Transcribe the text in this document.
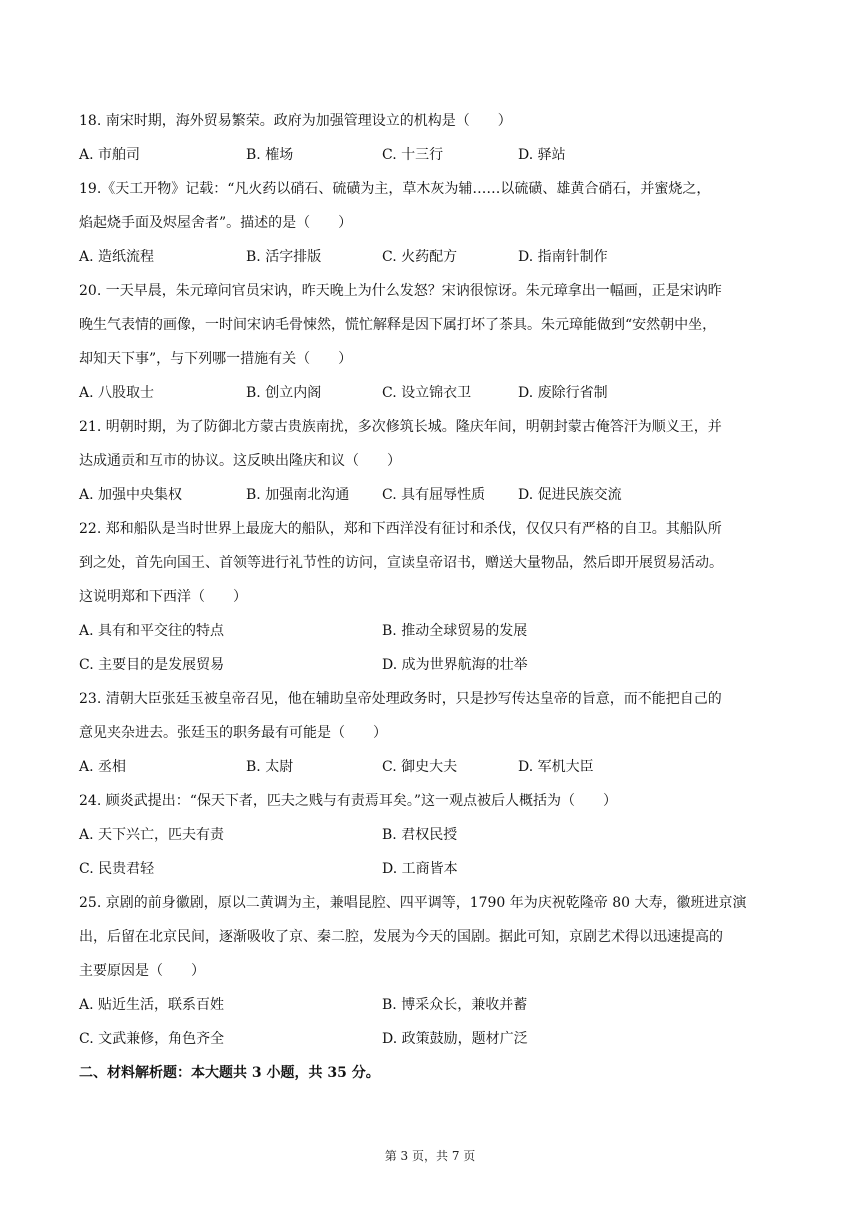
18. 南宋时期，海外贸易繁荣。政府为加强管理设立的机构是（　　）
A. 市舶司	B. 榷场	C. 十三行	D. 驿站
19.《天工开物》记载：“凡火药以硝石、硫磺为主，草木灰为辅……以硫磺、雄黄合硝石，并蜜烧之，
焰起烧手面及烬屋舍者”。描述的是（　　）
A. 造纸流程	B. 活字排版	C. 火药配方	D. 指南针制作
20. 一天早晨，朱元璋问官员宋讷，昨天晚上为什么发怒？宋讷很惊讶。朱元璋拿出一幅画，正是宋讷昨
晚生气表情的画像，一时间宋讷毛骨悚然，慌忙解释是因下属打坏了茶具。朱元璋能做到“安然朝中坐，
却知天下事”，与下列哪一措施有关（　　）
A. 八股取士	B. 创立内阁	C. 设立锦衣卫	D. 废除行省制
21. 明朝时期，为了防御北方蒙古贵族南扰，多次修筑长城。隆庆年间，明朝封蒙古俺答汗为顺义王，并
达成通贡和互市的协议。这反映出隆庆和议（　　）
A. 加强中央集权	B. 加强南北沟通 C. 具有屈辱性质 D. 促进民族交流
22. 郑和船队是当时世界上最庞大的船队，郑和下西洋没有征讨和杀伐，仅仅只有严格的自卫。其船队所
到之处，首先向国王、首领等进行礼节性的访问，宣读皇帝诏书，赠送大量物品，然后即开展贸易活动。
这说明郑和下西洋（　　）
A. 具有和平交往的特点	B. 推动全球贸易的发展
C. 主要目的是发展贸易	D. 成为世界航海的壮举
23. 清朝大臣张廷玉被皇帝召见，他在辅助皇帝处理政务时，只是抄写传达皇帝的旨意，而不能把自己的
意见夹杂进去。张廷玉的职务最有可能是（　　）
A. 丞相	B. 太尉	C. 御史大夫	D. 军机大臣
24. 顾炎武提出：“保天下者，匹夫之贱与有责焉耳矣。”这一观点被后人概括为（　　）
A. 天下兴亡，匹夫有责	B. 君权民授
C. 民贵君轻	D. 工商皆本
25. 京剧的前身徽剧，原以二黄调为主，兼唱昆腔、四平调等，1790 年为庆祝乾隆帝 80 大寿，徽班进京演
出，后留在北京民间，逐渐吸收了京、秦二腔，发展为今天的国剧。据此可知，京剧艺术得以迅速提高的
主要原因是（　　）
A. 贴近生活，联系百姓	B. 博采众长，兼收并蓄
C. 文武兼修，角色齐全	D. 政策鼓励，题材广泛
二、材料解析题：本大题共 3 小题，共 35 分。
第 3 页，共 7 页
